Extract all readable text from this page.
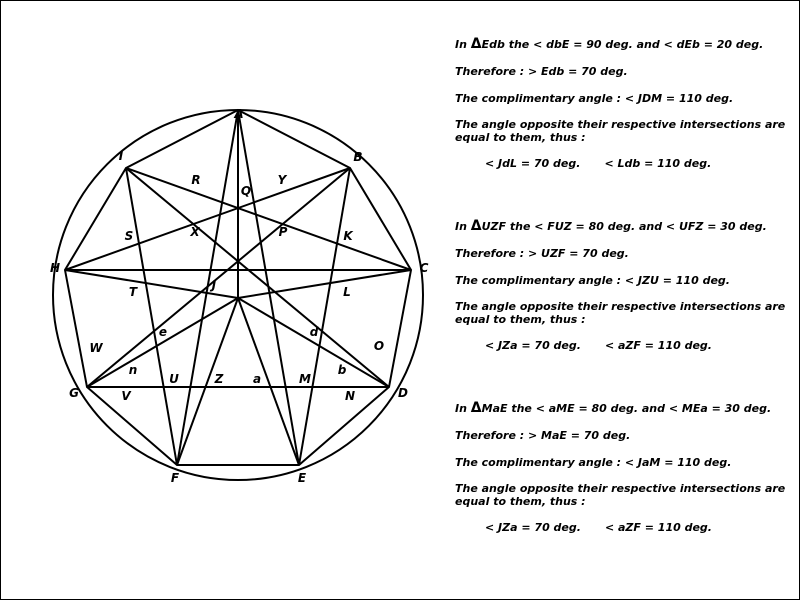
A
B
C
D
E
F
G
H
I
J
K
L
M
N
O
P
Q
R
S
T
U
V
W
X
Y
Z a
b
d
e
n

In ΔEdb the < dbE = 90 deg. and < dEb = 20 deg.

Therefore : > Edb = 70 deg.

The complimentary angle : < JDM = 110 deg.

The angle opposite their respective intersections are equal to them, thus :

< JdL = 70 deg. < Ldb = 110 deg.

In ΔUZF the < FUZ = 80 deg. and < UFZ = 30 deg.

Therefore : > UZF = 70 deg.

The complimentary angle : < JZU = 110 deg.

The angle opposite their respective intersections are equal to them, thus :

< JZa = 70 deg. < aZF = 110 deg.

In ΔMaE the < aME = 80 deg. and < MEa = 30 deg.

Therefore : > MaE = 70 deg.

The complimentary angle : < JaM = 110 deg.

The angle opposite their respective intersections are equal to them, thus :

< JZa = 70 deg. < aZF = 110 deg.
